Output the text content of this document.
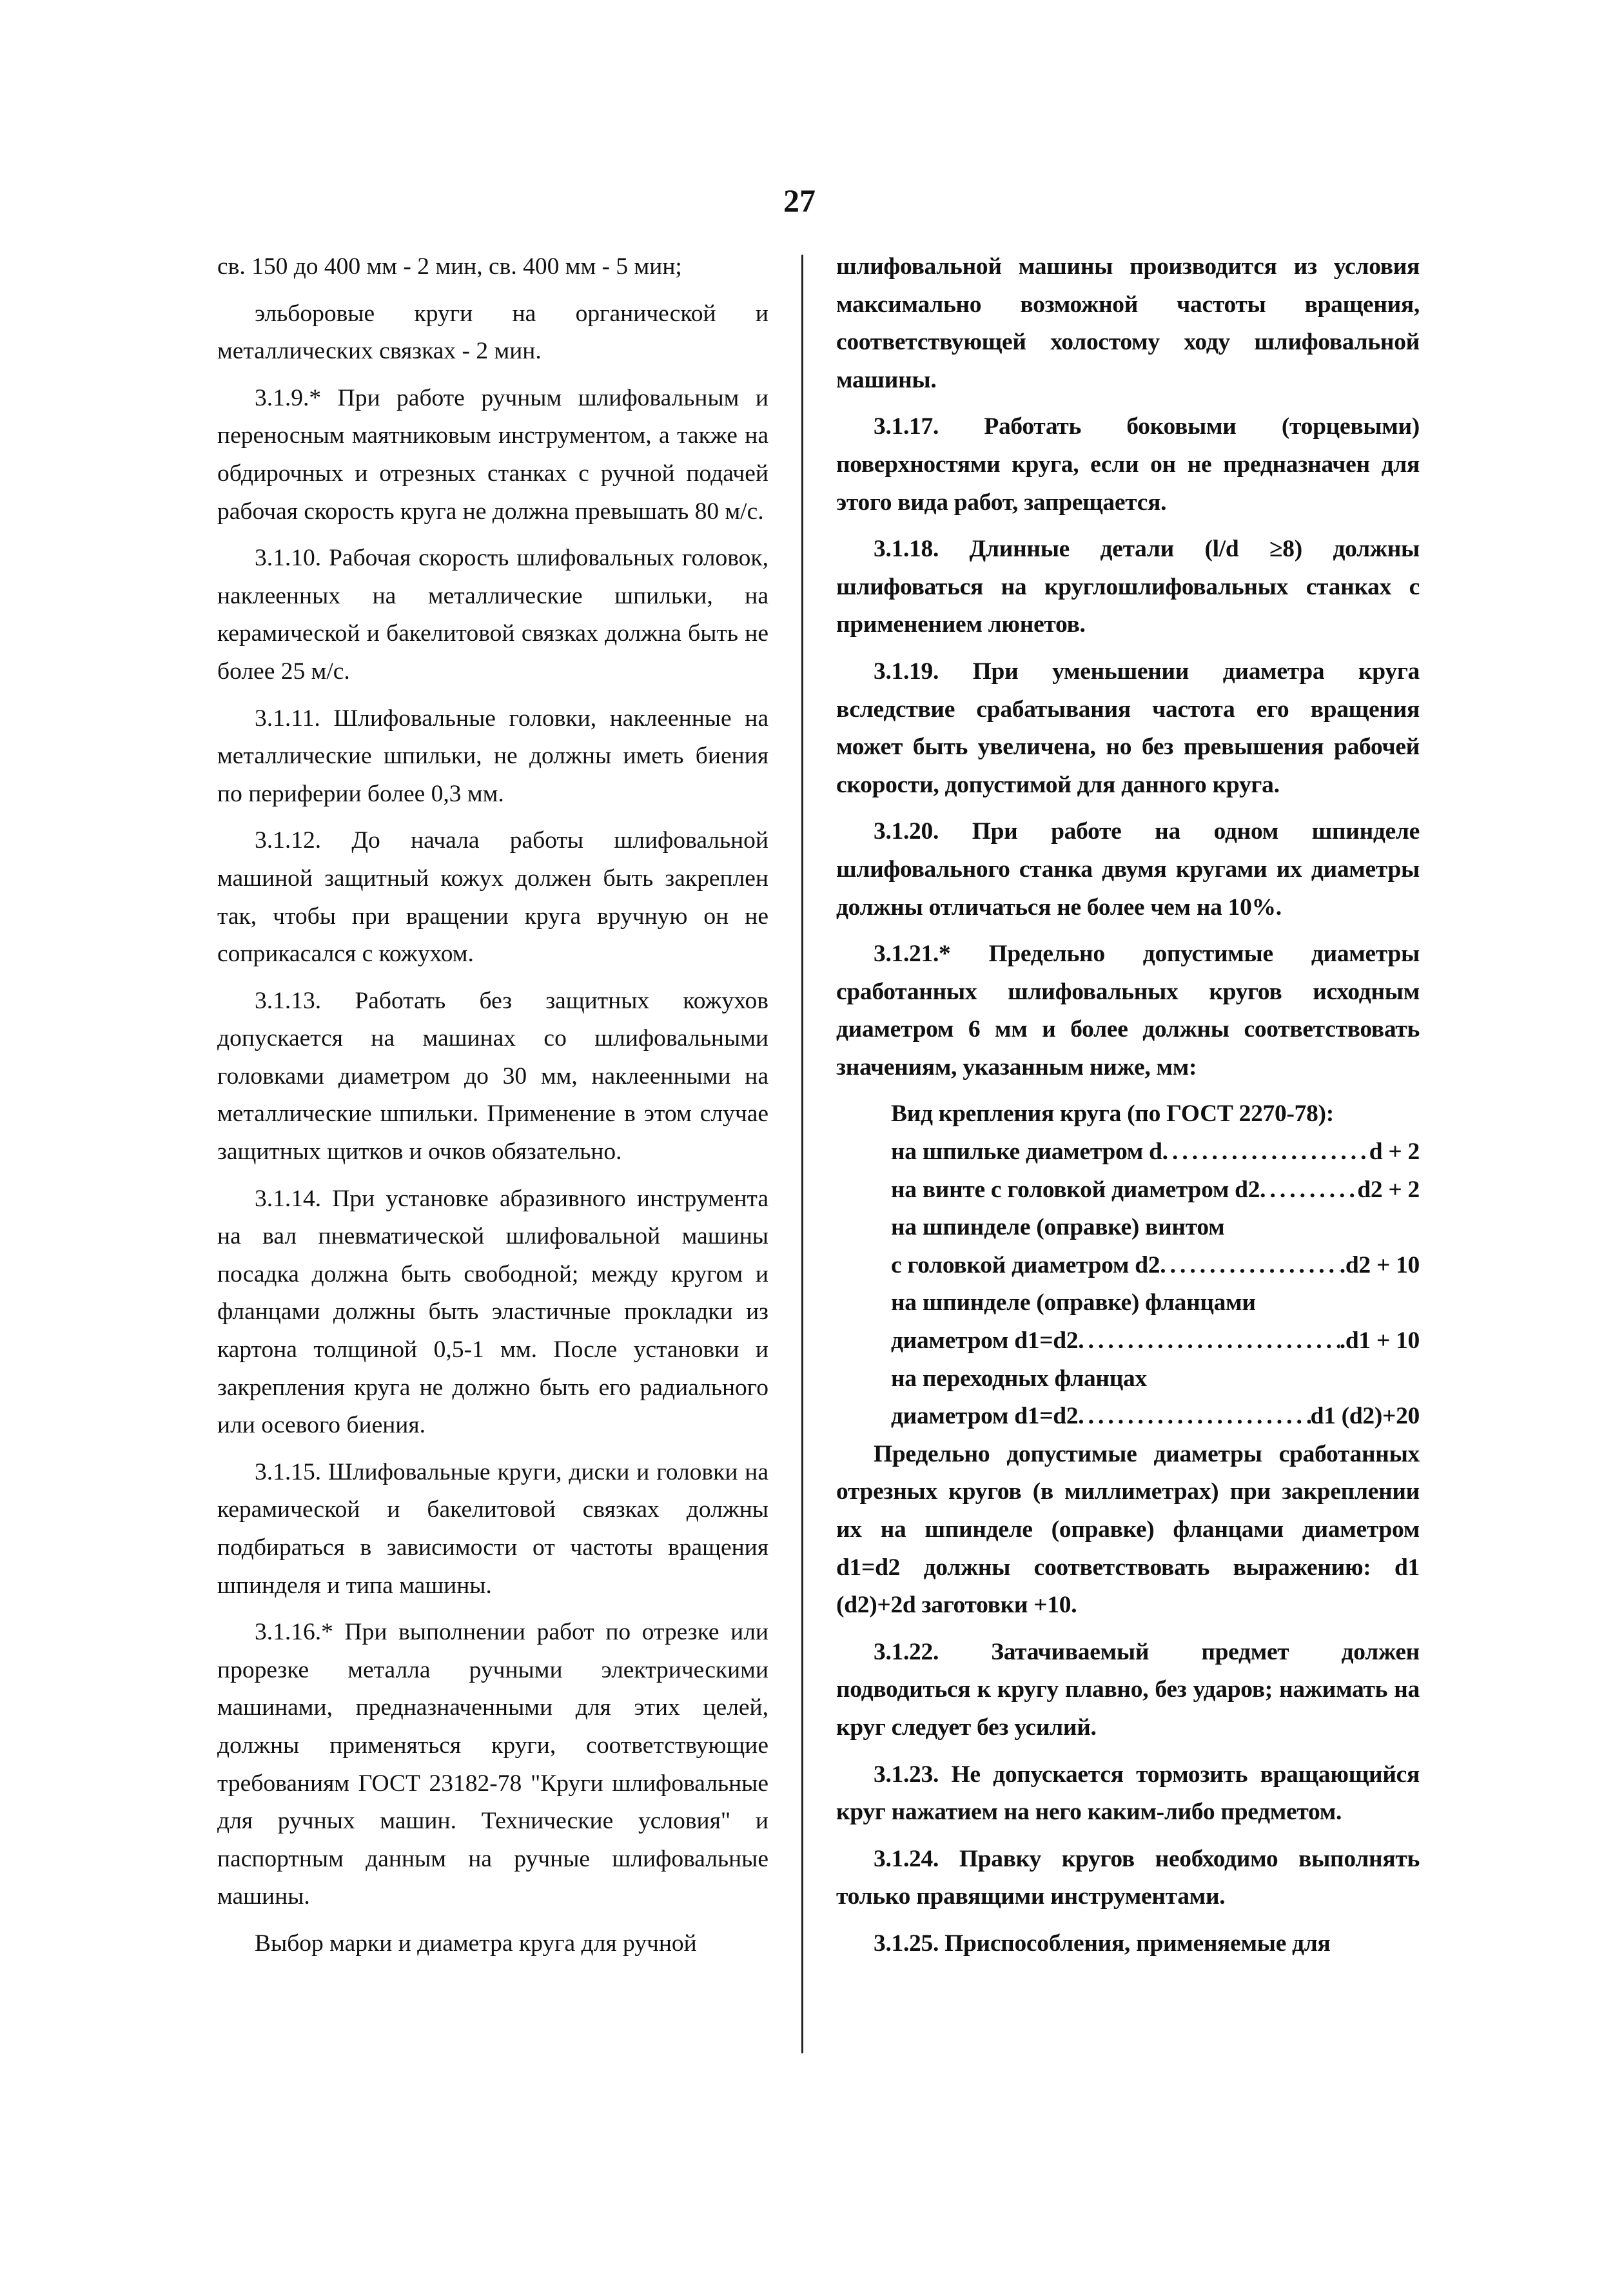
27

св. 150 до 400 мм - 2 мин, св. 400 мм - 5 мин;

эльборовые круги на органической и металлических связках - 2 мин.

3.1.9.* При работе ручным шлифовальным и переносным маятниковым инструментом, а также на обдирочных и отрезных станках с ручной подачей рабочая скорость круга не должна превышать 80 м/с.

3.1.10. Рабочая скорость шлифовальных головок, наклеенных на металлические шпильки, на керамической и бакелитовой связках должна быть не более 25 м/с.

3.1.11. Шлифовальные головки, наклеенные на металлические шпильки, не должны иметь биения по периферии более 0,3 мм.

3.1.12. До начала работы шлифовальной машиной защитный кожух должен быть закреплен так, чтобы при вращении круга вручную он не соприкасался с кожухом.

3.1.13. Работать без защитных кожухов допускается на машинах со шлифовальными головками диаметром до 30 мм, наклеенными на металлические шпильки. Применение в этом случае защитных щитков и очков обязательно.

3.1.14. При установке абразивного инструмента на вал пневматической шлифовальной машины посадка должна быть свободной; между кругом и фланцами должны быть эластичные прокладки из картона толщиной 0,5-1 мм. После установки и закрепления круга не должно быть его радиального или осевого биения.

3.1.15. Шлифовальные круги, диски и головки на керамической и бакелитовой связках должны подбираться в зависимости от частоты вращения шпинделя и типа машины.

3.1.16.* При выполнении работ по отрезке или прорезке металла ручными электрическими машинами, предназначенными для этих целей, должны применяться круги, соответствующие требованиям ГОСТ 23182-78 "Круги шлифовальные для ручных машин. Технические условия" и паспортным данным на ручные шлифовальные машины.

Выбор марки и диаметра круга для ручной

шлифовальной машины производится из условия максимально возможной частоты вращения, соответствующей холостому ходу шлифовальной машины.

3.1.17. Работать боковыми (торцевыми) поверхностями круга, если он не предназначен для этого вида работ, запрещается.

3.1.18. Длинные детали (l/d ≥8) должны шлифоваться на круглошлифовальных станках с применением люнетов.

3.1.19. При уменьшении диаметра круга вследствие срабатывания частота его вращения может быть увеличена, но без превышения рабочей скорости, допустимой для данного круга.

3.1.20. При работе на одном шпинделе шлифовального станка двумя кругами их диаметры должны отличаться не более чем на 10%.

3.1.21.* Предельно допустимые диаметры сработанных шлифовальных кругов исходным диаметром 6 мм и более должны соответствовать значениям, указанным ниже, мм:

Вид крепления круга (по ГОСТ 2270-78):
на шпильке диаметром d .....	d + 2
на винте с головкой диаметром d2 .....	d2 + 2
на шпинделе (оправке) винтом
с головкой диаметром d2 .....	.d2 + 10
на шпинделе (оправке) фланцами
диаметром d1=d2 .....	.d1 + 10
на переходных фланцах
диаметром d1=d2 .....	d1 (d2)+20

Предельно допустимые диаметры сработанных отрезных кругов (в миллиметрах) при закреплении их на шпинделе (оправке) фланцами диаметром d1=d2 должны соответствовать выражению: d1 (d2)+2d заготовки +10.

3.1.22. Затачиваемый предмет должен подводиться к кругу плавно, без ударов; нажимать на круг следует без усилий.

3.1.23. Не допускается тормозить вращающийся круг нажатием на него каким-либо предметом.

3.1.24. Правку кругов необходимо выполнять только правящими инструментами.

3.1.25. Приспособления, применяемые для
